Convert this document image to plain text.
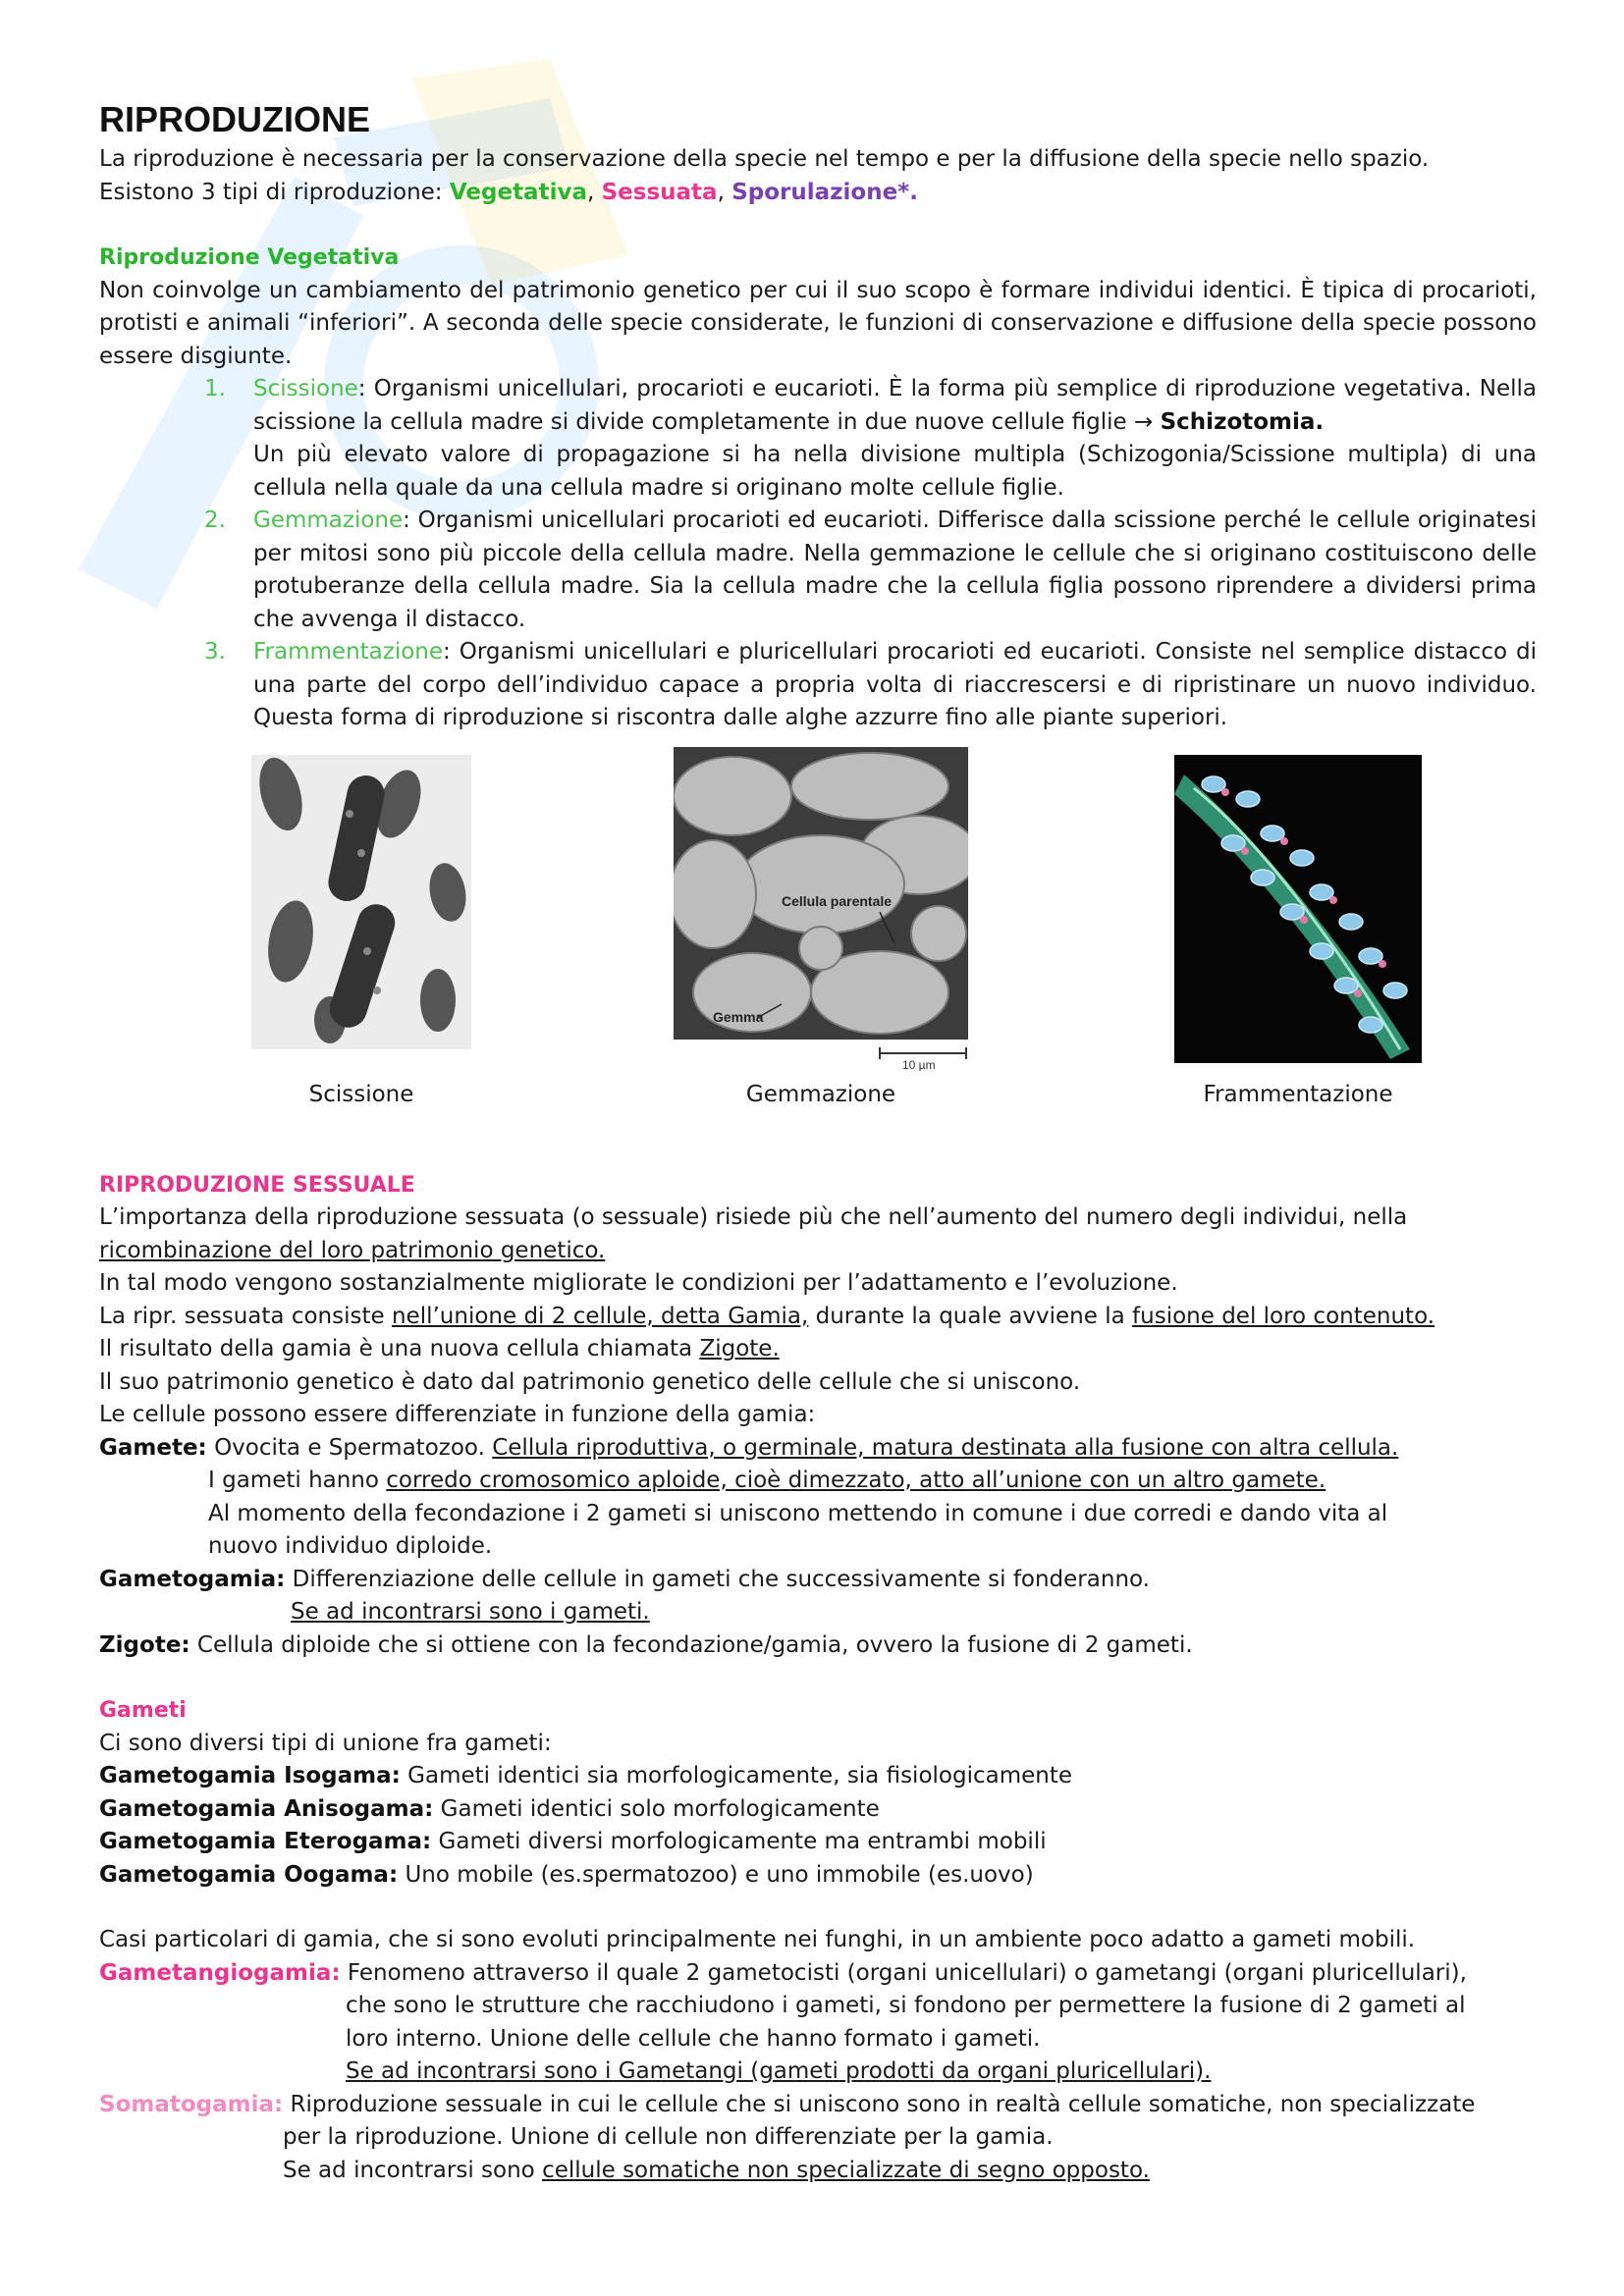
RIPRODUZIONE

La riproduzione è necessaria per la conservazione della specie nel tempo e per la diffusione della specie nello spazio.

Esistono 3 tipi di riproduzione: Vegetativa, Sessuata, Sporulazione*.

Riproduzione Vegetativa

Non coinvolge un cambiamento del patrimonio genetico per cui il suo scopo è formare individui identici. È tipica di procarioti, protisti e animali “inferiori”. A seconda delle specie considerate, le funzioni di conservazione e diffusione della specie possono essere disgiunte.

1. Scissione: Organismi unicellulari, procarioti e eucarioti. È la forma più semplice di riproduzione vegetativa. Nella scissione la cellula madre si divide completamente in due nuove cellule figlie → Schizotomia.
Un più elevato valore di propagazione si ha nella divisione multipla (Schizogonia/Scissione multipla) di una cellula nella quale da una cellula madre si originano molte cellule figlie.
2. Gemmazione: Organismi unicellulari procarioti ed eucarioti. Differisce dalla scissione perché le cellule originatesi per mitosi sono più piccole della cellula madre. Nella gemmazione le cellule che si originano costituiscono delle protuberanze della cellula madre. Sia la cellula madre che la cellula figlia possono riprendere a dividersi prima che avvenga il distacco.
3. Frammentazione: Organismi unicellulari e pluricellulari procarioti ed eucarioti. Consiste nel semplice distacco di una parte del corpo dell’individuo capace a propria volta di riaccrescersi e di ripristinare un nuovo individuo. Questa forma di riproduzione si riscontra dalle alghe azzurre fino alle piante superiori.
Cellula parentale
Gemma
10 µm
Scissione	Gemmazione	Frammentazione

RIPRODUZIONE SESSUALE

L’importanza della riproduzione sessuata (o sessuale) risiede più che nell’aumento del numero degli individui, nella

ricombinazione del loro patrimonio genetico.

In tal modo vengono sostanzialmente migliorate le condizioni per l’adattamento e l’evoluzione.

La ripr. sessuata consiste nell’unione di 2 cellule, detta Gamia, durante la quale avviene la fusione del loro contenuto.

Il risultato della gamia è una nuova cellula chiamata Zigote.

Il suo patrimonio genetico è dato dal patrimonio genetico delle cellule che si uniscono.

Le cellule possono essere differenziate in funzione della gamia:

Gamete: Ovocita e Spermatozoo. Cellula riproduttiva, o germinale, matura destinata alla fusione con altra cellula.

I gameti hanno corredo cromosomico aploide, cioè dimezzato, atto all’unione con un altro gamete.

Al momento della fecondazione i 2 gameti si uniscono mettendo in comune i due corredi e dando vita al

nuovo individuo diploide.

Gametogamia: Differenziazione delle cellule in gameti che successivamente si fonderanno.

Se ad incontrarsi sono i gameti.

Zigote: Cellula diploide che si ottiene con la fecondazione/gamia, ovvero la fusione di 2 gameti.

Gameti

Ci sono diversi tipi di unione fra gameti:

Gametogamia Isogama: Gameti identici sia morfologicamente, sia fisiologicamente

Gametogamia Anisogama: Gameti identici solo morfologicamente

Gametogamia Eterogama: Gameti diversi morfologicamente ma entrambi mobili

Gametogamia Oogama: Uno mobile (es.spermatozoo) e uno immobile (es.uovo)

Casi particolari di gamia, che si sono evoluti principalmente nei funghi, in un ambiente poco adatto a gameti mobili.

Gametangiogamia: Fenomeno attraverso il quale 2 gametocisti (organi unicellulari) o gametangi (organi pluricellulari),

che sono le strutture che racchiudono i gameti, si fondono per permettere la fusione di 2 gameti al

loro interno. Unione delle cellule che hanno formato i gameti.

Se ad incontrarsi sono i Gametangi (gameti prodotti da organi pluricellulari).

Somatogamia: Riproduzione sessuale in cui le cellule che si uniscono sono in realtà cellule somatiche, non specializzate

per la riproduzione. Unione di cellule non differenziate per la gamia.

Se ad incontrarsi sono cellule somatiche non specializzate di segno opposto.
